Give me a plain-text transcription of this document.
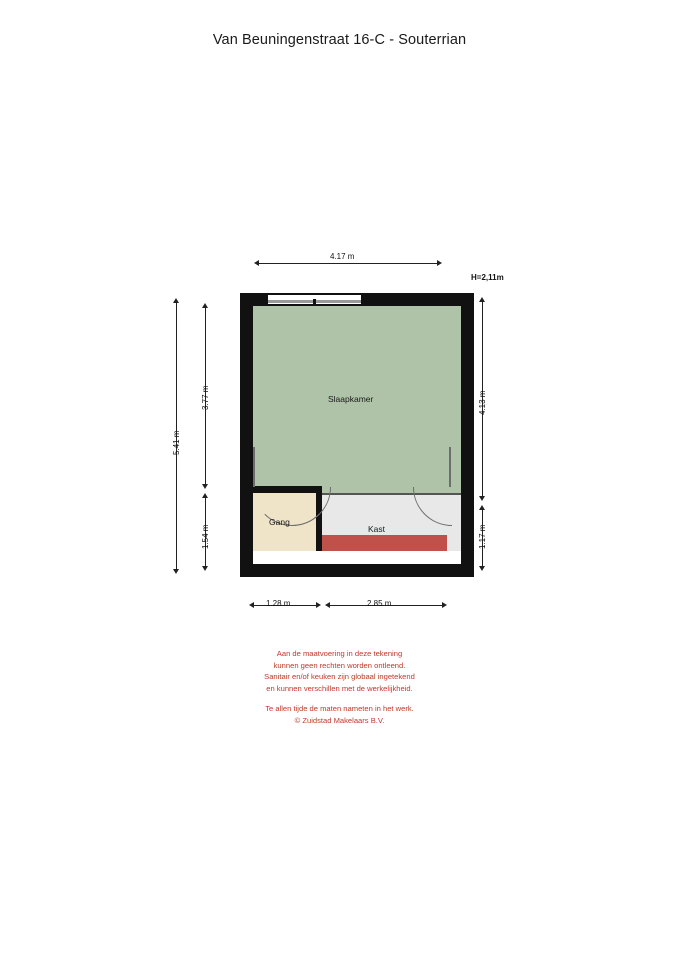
Van Beuningenstraat 16-C - Souterrian
4.17 m
H=2,11m
5.41 m
3.77 m
1.54 m
4.13 m
1.17 m
1.28 m	2.85 m
Slaapkamer
Gang
Kast
Aan de maatvoering in deze tekening
kunnen geen rechten worden ontleend.
Sanitair en/of keuken zijn globaal ingetekend
en kunnen verschillen met de werkelijkheid.
Te allen tijde de maten nameten in het werk.
© Zuidstad Makelaars B.V.
